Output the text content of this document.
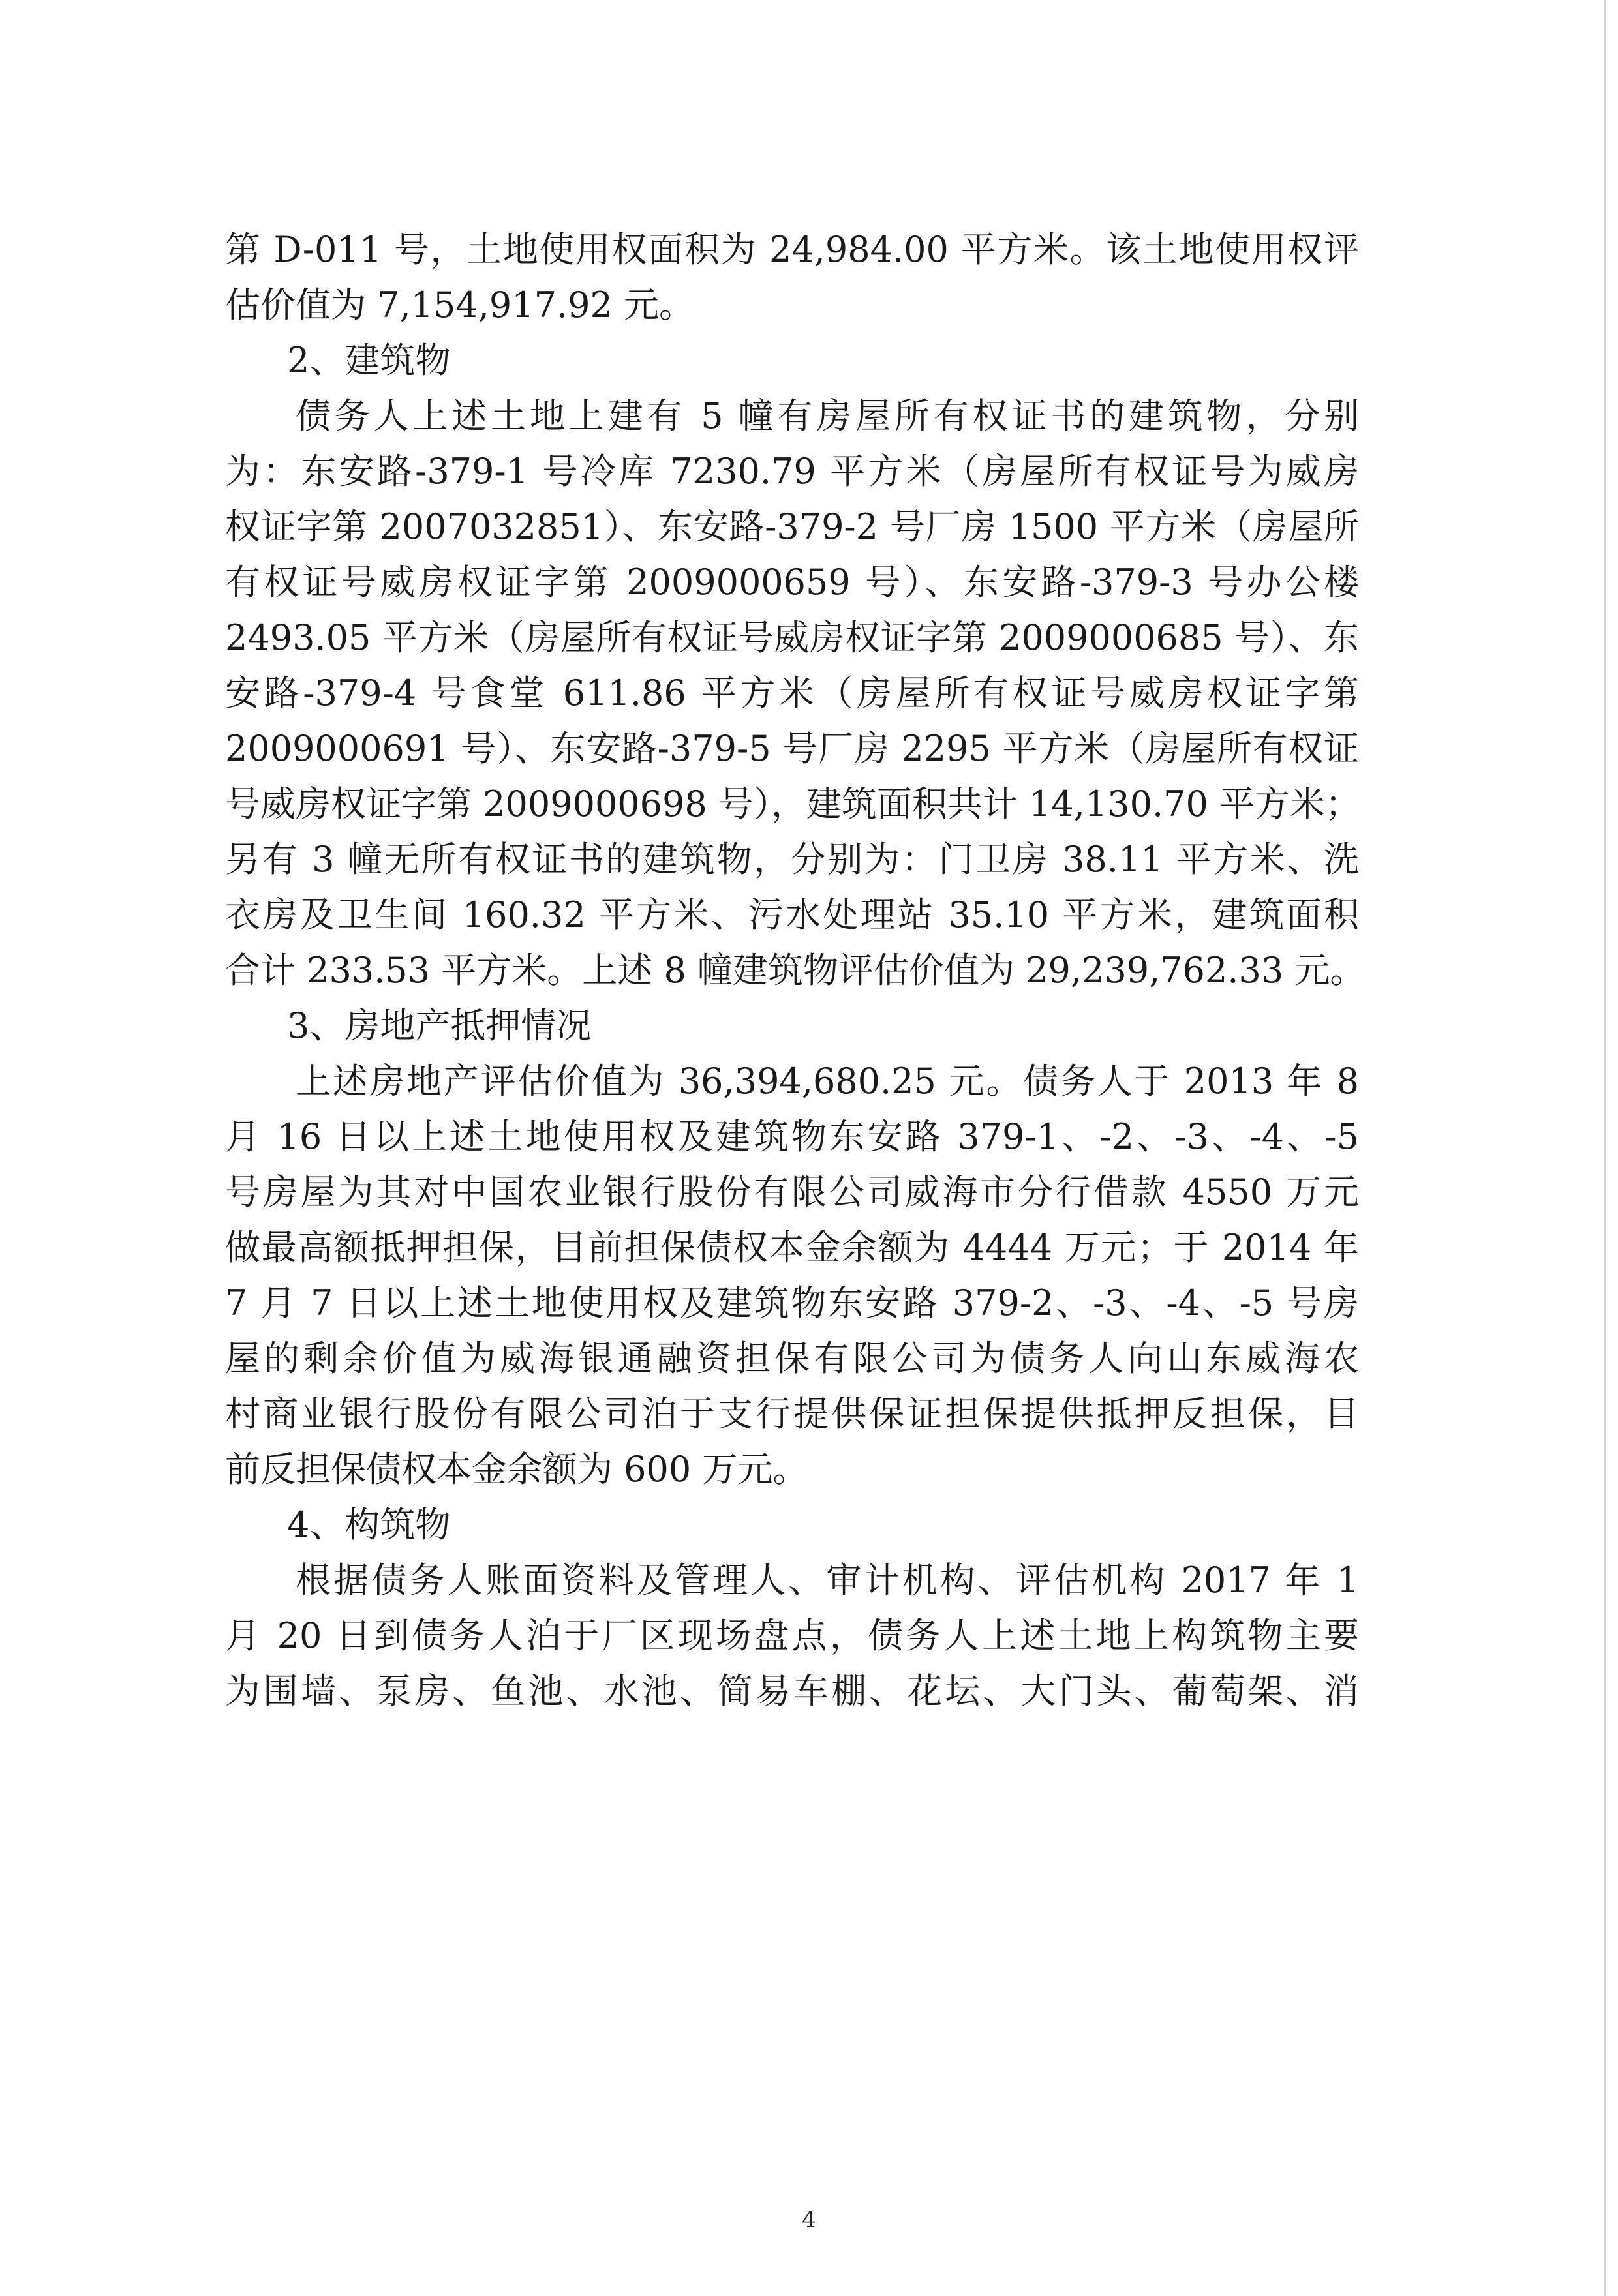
第 D-011 号，土地使用权面积为 24,984.00 平方米。该土地使用权评

估价值为 7,154,917.92 元。

2、建筑物

债务人上述土地上建有 5 幢有房屋所有权证书的建筑物，分别

为：东安路-379-1 号冷库 7230.79 平方米（房屋所有权证号为威房

权证字第 2007032851）、东安路-379-2 号厂房 1500 平方米（房屋所

有权证号威房权证字第 2009000659 号）、东安路-379-3 号办公楼

2493.05 平方米（房屋所有权证号威房权证字第 2009000685 号）、东

安路-379-4 号食堂 611.86 平方米（房屋所有权证号威房权证字第

2009000691 号）、东安路-379-5 号厂房 2295 平方米（房屋所有权证

号威房权证字第 2009000698 号），建筑面积共计 14,130.70 平方米；

另有 3 幢无所有权证书的建筑物，分别为：门卫房 38.11 平方米、洗

衣房及卫生间 160.32 平方米、污水处理站 35.10 平方米，建筑面积

合计 233.53 平方米。上述 8 幢建筑物评估价值为 29,239,762.33 元。

3、房地产抵押情况

上述房地产评估价值为 36,394,680.25 元。债务人于 2013 年 8

月 16 日以上述土地使用权及建筑物东安路 379-1、-2、-3、-4、-5

号房屋为其对中国农业银行股份有限公司威海市分行借款 4550 万元

做最高额抵押担保，目前担保债权本金余额为 4444 万元；于 2014 年

7 月 7 日以上述土地使用权及建筑物东安路 379-2、-3、-4、-5 号房

屋的剩余价值为威海银通融资担保有限公司为债务人向山东威海农

村商业银行股份有限公司泊于支行提供保证担保提供抵押反担保，目

前反担保债权本金余额为 600 万元。

4、构筑物

根据债务人账面资料及管理人、审计机构、评估机构 2017 年 1

月 20 日到债务人泊于厂区现场盘点，债务人上述土地上构筑物主要

为围墙、泵房、鱼池、水池、简易车棚、花坛、大门头、葡萄架、消

4
